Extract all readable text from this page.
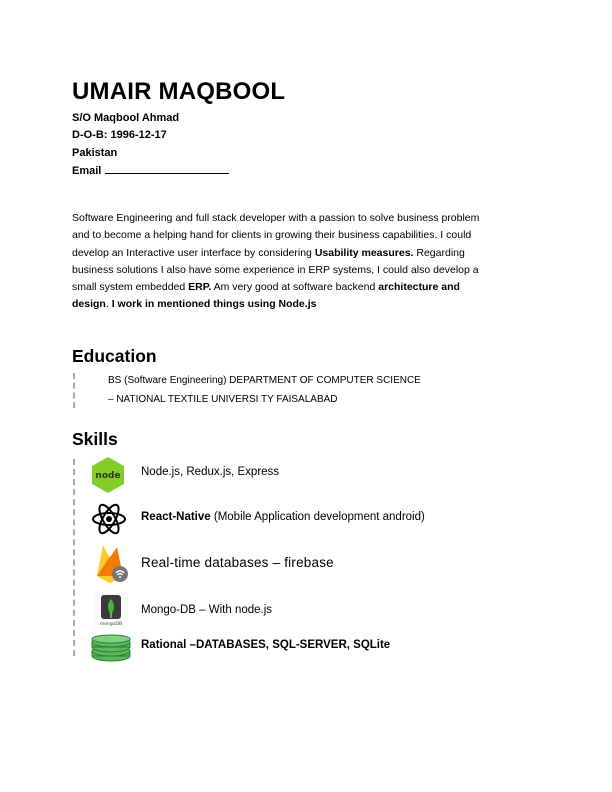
UMAIR MAQBOOL
S/O Maqbool Ahmad
D-O-B: 1996-12-17
Pakistan
Email
Software Engineering and full stack developer with a passion to solve business problem
and to become a helping hand for clients in growing their business capabilities. I could
develop an Interactive user interface by considering Usability measures. Regarding
business solutions I also have some experience in ERP systems, I could also develop a
small system embedded ERP. Am very good at software backend architecture and
design. I work in mentioned things using Node.js
Education
BS (Software Engineering) DEPARTMENT OF COMPUTER SCIENCE
– NATIONAL TEXTILE UNIVERSI TY FAISALABAD
Skills
node Node.js, Redux.js, Express
React-Native (Mobile Application development android)
Real-time databases – firebase
mongoDB
Mongo-DB – With node.js
Rational –DATABASES, SQL-SERVER, SQLite
